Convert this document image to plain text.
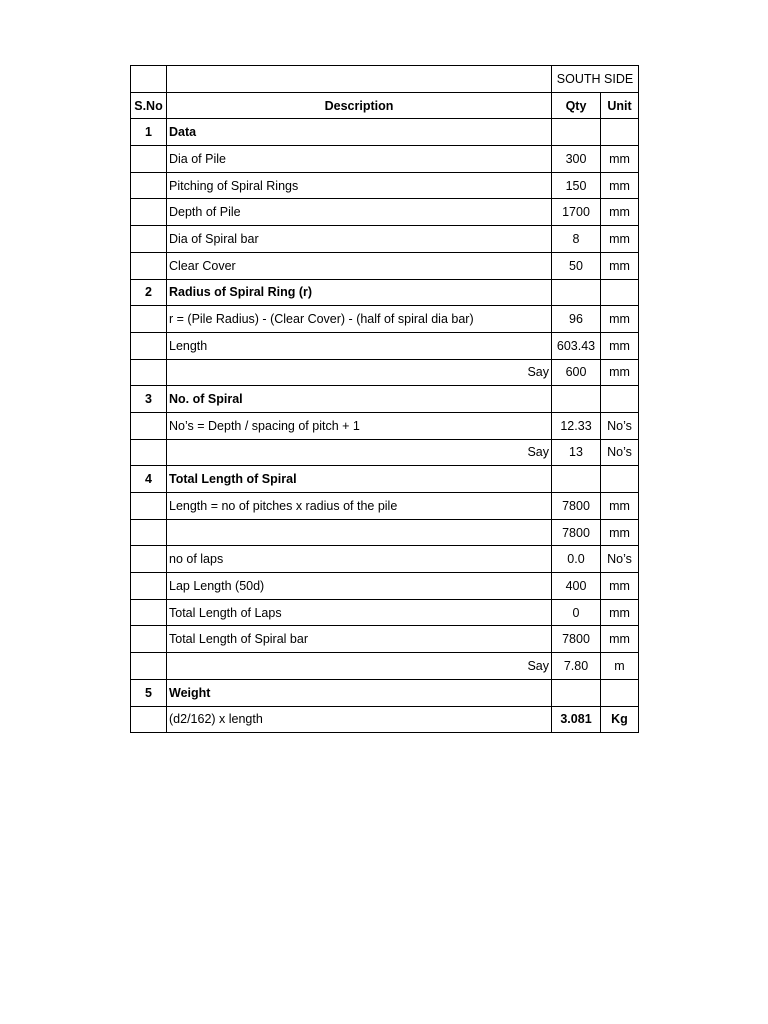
		SOUTH SIDE	
S.No	Description	Qty	Unit
1	Data		
	Dia of Pile	300	mm
	Pitching of Spiral Rings	150	mm
	Depth of Pile	1700	mm
	Dia of Spiral bar	8	mm
	Clear Cover	50	mm
2	Radius of Spiral Ring (r)		
	r = (Pile Radius) - (Clear Cover) - (half of spiral dia bar)	96	mm
	Length	603.43	mm
	Say	600	mm
3	No. of Spiral		
	No’s = Depth / spacing of pitch + 1	12.33	No’s
	Say	13	No’s
4	Total Length of Spiral		
	Length = no of pitches x radius of the pile	7800	mm
		7800	mm
	no of laps	0.0	No’s
	Lap Length (50d)	400	mm
	Total Length of Laps	0	mm
	Total Length of Spiral bar	7800	mm
	Say	7.80	m
5	Weight		
	(d2/162) x length	3.081	Kg
